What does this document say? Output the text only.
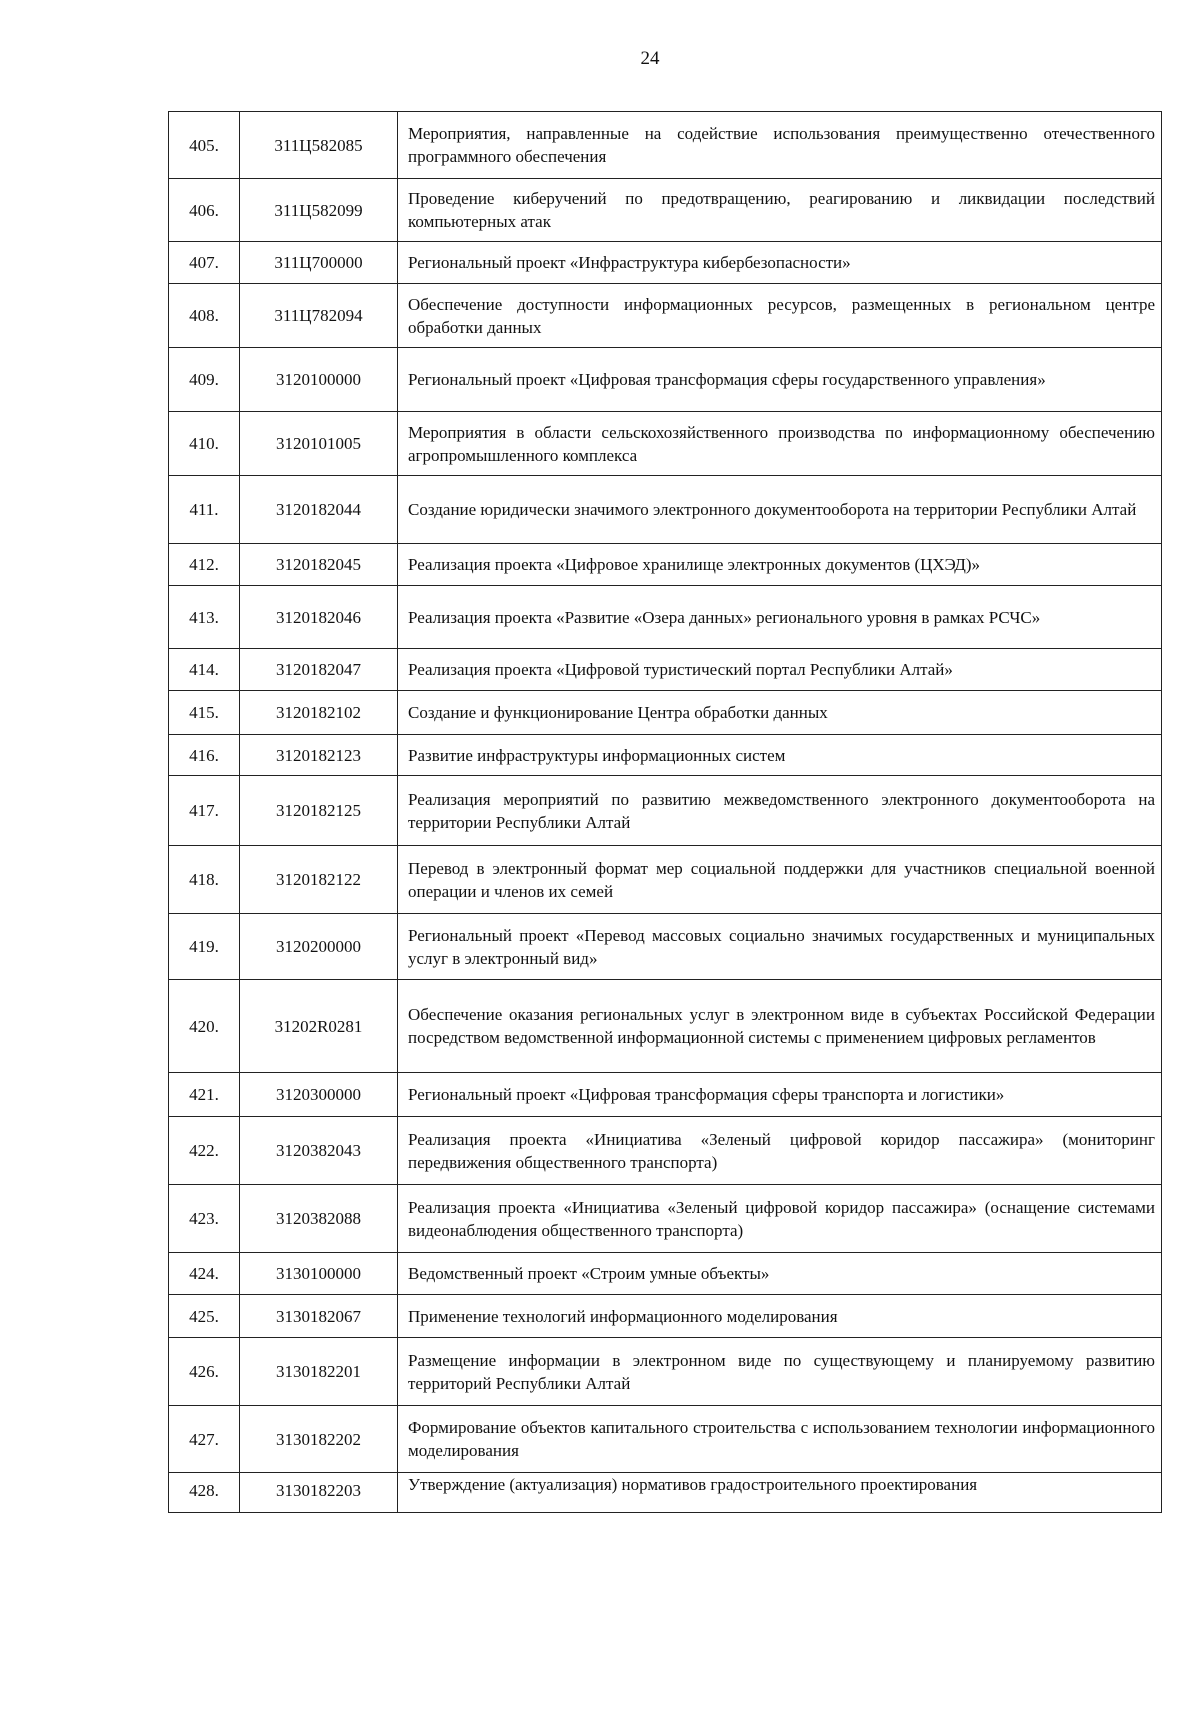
24
405.	311Ц582085	Мероприятия, направленные на содействие использования преимущественно отечественного программного обеспечения

406.	311Ц582099	Проведение киберучений по предотвращению, реагированию и ликвидации последствий компьютерных атак

407.	311Ц700000	Региональный проект «Инфраструктура кибербезопасности»

408.	311Ц782094	Обеспечение доступности информационных ресурсов, размещенных в региональном центре обработки данных

409.	3120100000	Региональный проект «Цифровая трансформация сферы государственного управления»

410.	3120101005	Мероприятия в области сельскохозяйственного производства по информационному обеспечению агропромышленного комплекса

411.	3120182044	Создание юридически значимого электронного документооборота на территории Республики Алтай

412.	3120182045	Реализация проекта «Цифровое хранилище электронных документов (ЦХЭД)»

413.	3120182046	Реализация проекта «Развитие «Озера данных» регионального уровня в рамках РСЧС»

414.	3120182047	Реализация проекта «Цифровой туристический портал Республики Алтай»

415.	3120182102	Создание и функционирование Центра обработки данных

416.	3120182123	Развитие инфраструктуры информационных систем

417.	3120182125	Реализация мероприятий по развитию межведомственного электронного документооборота на территории Республики Алтай

418.	3120182122	Перевод в электронный формат мер социальной поддержки для участников специальной военной операции и членов их семей

419.	3120200000	Региональный проект «Перевод массовых социально значимых государственных и муниципальных услуг в электронный вид»

420.	31202R0281	Обеспечение оказания региональных услуг в электронном виде в субъектах Российской Федерации посредством ведомственной информационной системы с применением цифровых регламентов

421.	3120300000	Региональный проект «Цифровая трансформация сферы транспорта и логистики»

422.	3120382043	Реализация проекта «Инициатива «Зеленый цифровой коридор пассажира» (мониторинг передвижения общественного транспорта)

423.	3120382088	Реализация проекта «Инициатива «Зеленый цифровой коридор пассажира» (оснащение системами видеонаблюдения общественного транспорта)

424.	3130100000	Ведомственный проект «Строим умные объекты»

425.	3130182067	Применение технологий информационного моделирования

426.	3130182201	Размещение информации в электронном виде по существующему и планируемому развитию территорий Республики Алтай

427.	3130182202	Формирование объектов капитального строительства с использованием технологии информационного моделирования

428.	3130182203	Утверждение (актуализация) нормативов градостроительного проектирования
